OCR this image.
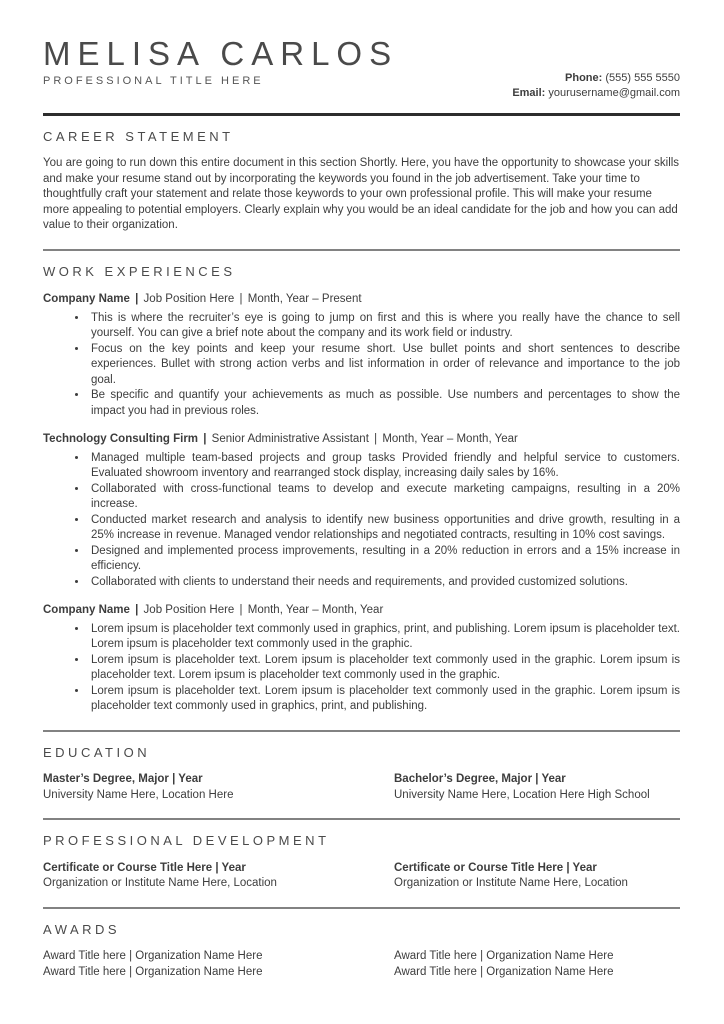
MELISA CARLOS
PROFESSIONAL TITLE HERE	Phone: (555) 555 5550
Email: yourusername@gmail.com
CAREER STATEMENT

You are going to run down this entire document in this section Shortly. Here, you have the opportunity to showcase your skills and make your resume stand out by incorporating the keywords you found in the job advertisement. Take your time to thoughtfully craft your statement and relate those keywords to your own professional profile. This will make your resume more appealing to potential employers. Clearly explain why you would be an ideal candidate for the job and how you can add value to their organization.

WORK EXPERIENCES

Company Name | Job Position Here | Month, Year – Present

• This is where the recruiter’s eye is going to jump on first and this is where you really have the chance to sell yourself. You can give a brief note about the company and its work field or industry.
• Focus on the key points and keep your resume short. Use bullet points and short sentences to describe experiences. Bullet with strong action verbs and list information in order of relevance and importance to the job goal.
• Be specific and quantify your achievements as much as possible. Use numbers and percentages to show the impact you had in previous roles.

Technology Consulting Firm | Senior Administrative Assistant | Month, Year – Month, Year

• Managed multiple team-based projects and group tasks Provided friendly and helpful service to customers. Evaluated showroom inventory and rearranged stock display, increasing daily sales by 16%.
• Collaborated with cross-functional teams to develop and execute marketing campaigns, resulting in a 20% increase.
• Conducted market research and analysis to identify new business opportunities and drive growth, resulting in a 25% increase in revenue. Managed vendor relationships and negotiated contracts, resulting in 10% cost savings.
• Designed and implemented process improvements, resulting in a 20% reduction in errors and a 15% increase in efficiency.
• Collaborated with clients to understand their needs and requirements, and provided customized solutions.

Company Name | Job Position Here | Month, Year – Month, Year

• Lorem ipsum is placeholder text commonly used in graphics, print, and publishing. Lorem ipsum is placeholder text. Lorem ipsum is placeholder text commonly used in the graphic.
• Lorem ipsum is placeholder text. Lorem ipsum is placeholder text commonly used in the graphic. Lorem ipsum is placeholder text. Lorem ipsum is placeholder text commonly used in the graphic.
• Lorem ipsum is placeholder text. Lorem ipsum is placeholder text commonly used in the graphic. Lorem ipsum is placeholder text commonly used in graphics, print, and publishing.
EDUCATION
Master’s Degree, Major | Year
University Name Here, Location Here
Bachelor’s Degree, Major | Year
University Name Here, Location Here High School
PROFESSIONAL DEVELOPMENT
Certificate or Course Title Here | Year
Organization or Institute Name Here, Location
Certificate or Course Title Here | Year
Organization or Institute Name Here, Location
AWARDS
Award Title here | Organization Name Here	Award Title here | Organization Name Here
Award Title here | Organization Name Here	Award Title here | Organization Name Here
